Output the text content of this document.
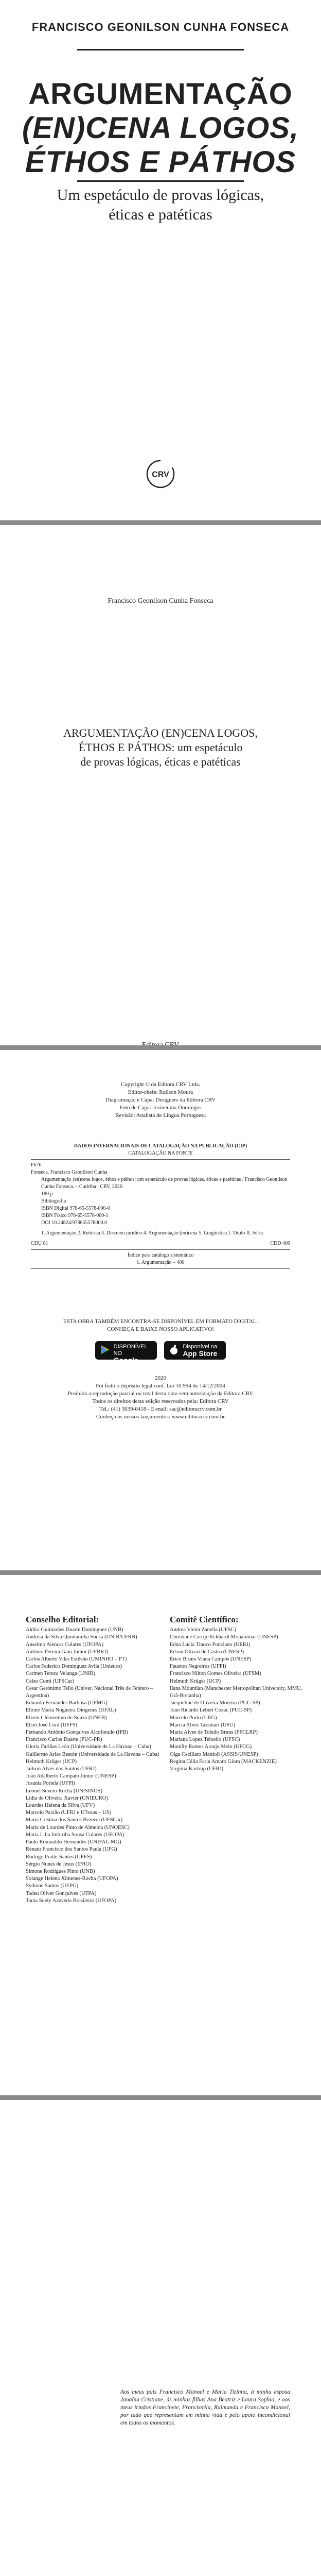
FRANCISCO GEONILSON CUNHA FONSECA
ARGUMENTAÇÃO
(EN)CENA LOGOS,
ÉTHOS E PÁTHOS
Um espetáculo de provas lógicas,
éticas e patéticas
CRV
Francisco Geonilson Cunha Fonseca
ARGUMENTAÇÃO (EN)CENA LOGOS,
ÉTHOS E PÁTHOS: um espetáculo
de provas lógicas, éticas e patéticas
Copyright © da Editora CRV Ltda.
Editor-chefe: Railson Moura
Diagramação e Capa: Designers da Editora CRV
Foto de Capa: Josineuma Domingos
Revisão: Analista de Língua Portuguesa
DADOS INTERNACIONAIS DE CATALOGAÇÃO NA PUBLICAÇÃO (CIP)
CATALOGAÇÃO NA FONTE
F676
Fonseca, Francisco Geonilson Cunha
Argumentação (en)cena logos, éthos e páthos: um espetáculo de provas lógicas, éticas e patéticas / Francisco Geonilson Cunha Fonseca. – Curitiba : CRV, 2020.
180 p.
Bibliografia
ISBN Digital 978-65-5578-000-0
ISBN Físico 978-65-5578-000-1
DOI 10.24824/978655578000.0
1. Argumentação 2. Retórica 3. Discurso jurídico 4. Argumentação (en)cena 5. Lingüística I. Título II. Série.
CDU 81	CDD 400
Índice para catálogo sistemático
1. Argumentação – 400
ESTA OBRA TAMBÉM ENCONTRA-SE DISPONÍVEL EM FORMATO DIGITAL.
CONHEÇA E BAIXE NOSSO APLICATIVO!
DISPONÍVEL NO
Google Play

Disponível na
App Store
2020
Foi feito o depósito legal conf. Lei 10.994 de 14/12/2004
Proibida a reprodução parcial ou total desta obra sem autorização da Editora CRV
Todos os direitos desta edição reservados pela: Editora CRV
Tel.: (41) 3039-6418 - E-mail: sac@editoracrv.com.br
Conheça os nossos lançamentos: www.editoracrv.com.br
Conselho Editorial:
Aldira Guimarães Duarte Domínguez (UNB)
Andréia da Silva Quintanilha Sousa (UNIR/UFRN)
Anselmo Alencar Colares (UFOPA)
Antônio Pereira Gaio Júnior (UFRRJ)
Carlos Alberto Vilar Estêvão (UMINHO – PT)
Carlos Federico Dominguez Avila (Unieuro)
Carmen Tereza Velanga (UNIR)
Celso Conti (UFSCar)
Cesar Gerónimo Tello (Univer. Nacional Três de Febrero – Argentina)
Eduardo Fernandes Barbosa (UFMG)
Elione Maria Nogueira Diogenes (UFAL)
Elizeu Clementino de Souza (UNEB)
Élsio José Corá (UFFS)
Fernando Antônio Gonçalves Alcoforado (IPB)
Francisco Carlos Duarte (PUC-PR)
Gloria Fariñas León (Universidade de La Havana – Cuba)
Guillermo Arias Beatón (Universidade de La Havana – Cuba)
Helmuth Krüger (UCP)
Jailson Alves dos Santos (UFRJ)
João Adalberto Campato Junior (UNESP)
Josania Portela (UFPI)
Leonel Severo Rocha (UNISINOS)
Lídia de Oliveira Xavier (UNIEURO)
Lourdes Helena da Silva (UFV)
Marcelo Paixão (UFRJ e UTexas – US)
Maria Cristina dos Santos Bezerra (UFSCar)
Maria de Lourdes Pinto de Almeida (UNOESC)
Maria Lília Imbiriba Sousa Colares (UFOPA)
Paulo Romualdo Hernandes (UNIFAL-MG)
Renato Francisco dos Santos Paula (UFG)
Rodrigo Pratte-Santos (UFES)
Sérgio Nunes de Jesus (IFRO)
Simone Rodrigues Pinto (UNB)
Solange Helena Ximenes-Rocha (UFOPA)
Sydione Santos (UEPG)
Tadeu Oliver Gonçalves (UFPA)
Tania Suely Azevedo Brasileiro (UFOPA)
Comitê Científico:
Andrea Vieira Zanella (UFSC)
Christiane Carrijo Eckhardt Mouammar (UNESP)
Edna Lúcia Tinoco Ponciano (UERJ)
Edson Olivari de Castro (UNESP)
Érico Bruno Viana Campos (UNESP)
Fauston Negreiros (UFPI)
Francisco Nilton Gomes Oliveira (UFSM)
Helmuth Krüger (UCP)
Ilana Mountian (Manchester Metropolitan University, MMU, Grã-Bretanha)
Jacqueline de Oliveira Moreira (PUC-SP)
João Ricardo Lebert Cozac (PUC-SP)
Marcelo Porto (UEG)
Marcia Alves Tassinari (USU)
Maria Alves de Toledo Bruns (FFCLRP)
Mariana Lopez Teixeira (UFSC)
Monilly Ramos Araujo Melo (UFCG)
Olga Ceciliato Mattioli (ASSIS/UNESP)
Regina Célia Faria Amaro Giora (MACKENZIE)
Virgínia Kastrup (UFRJ)
Aos meus pais Francisco Manoel e Maria Tizinha, à minha esposa Janaína Cristiane, às minhas filhas Ana Beatriz e Laura Sophia, e aos meus irmãos Francinete, Francisnéia, Raimunda e Francisco Manoel, por tudo que representam em minha vida e pelo apoio incondicional em todos os momentos.
